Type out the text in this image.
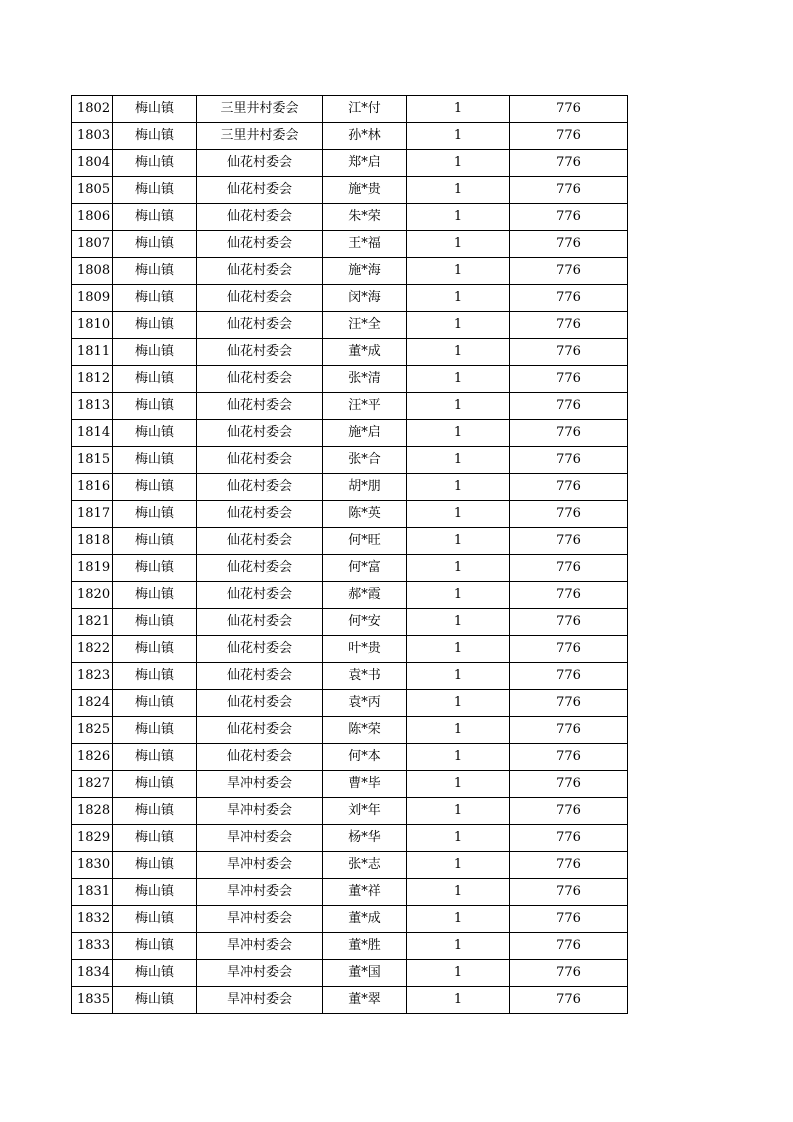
1802	梅山镇	三里井村委会	江*付	1	776
1803	梅山镇	三里井村委会	孙*林	1	776
1804	梅山镇	仙花村委会	郑*启	1	776
1805	梅山镇	仙花村委会	施*贵	1	776
1806	梅山镇	仙花村委会	朱*荣	1	776
1807	梅山镇	仙花村委会	王*福	1	776
1808	梅山镇	仙花村委会	施*海	1	776
1809	梅山镇	仙花村委会	闵*海	1	776
1810	梅山镇	仙花村委会	汪*全	1	776
1811	梅山镇	仙花村委会	董*成	1	776
1812	梅山镇	仙花村委会	张*清	1	776
1813	梅山镇	仙花村委会	汪*平	1	776
1814	梅山镇	仙花村委会	施*启	1	776
1815	梅山镇	仙花村委会	张*合	1	776
1816	梅山镇	仙花村委会	胡*朋	1	776
1817	梅山镇	仙花村委会	陈*英	1	776
1818	梅山镇	仙花村委会	何*旺	1	776
1819	梅山镇	仙花村委会	何*富	1	776
1820	梅山镇	仙花村委会	郝*霞	1	776
1821	梅山镇	仙花村委会	何*安	1	776
1822	梅山镇	仙花村委会	叶*贵	1	776
1823	梅山镇	仙花村委会	袁*书	1	776
1824	梅山镇	仙花村委会	袁*丙	1	776
1825	梅山镇	仙花村委会	陈*荣	1	776
1826	梅山镇	仙花村委会	何*本	1	776
1827	梅山镇	旱冲村委会	曹*毕	1	776
1828	梅山镇	旱冲村委会	刘*年	1	776
1829	梅山镇	旱冲村委会	杨*华	1	776
1830	梅山镇	旱冲村委会	张*志	1	776
1831	梅山镇	旱冲村委会	董*祥	1	776
1832	梅山镇	旱冲村委会	董*成	1	776
1833	梅山镇	旱冲村委会	董*胜	1	776
1834	梅山镇	旱冲村委会	董*国	1	776
1835	梅山镇	旱冲村委会	董*翠	1	776
